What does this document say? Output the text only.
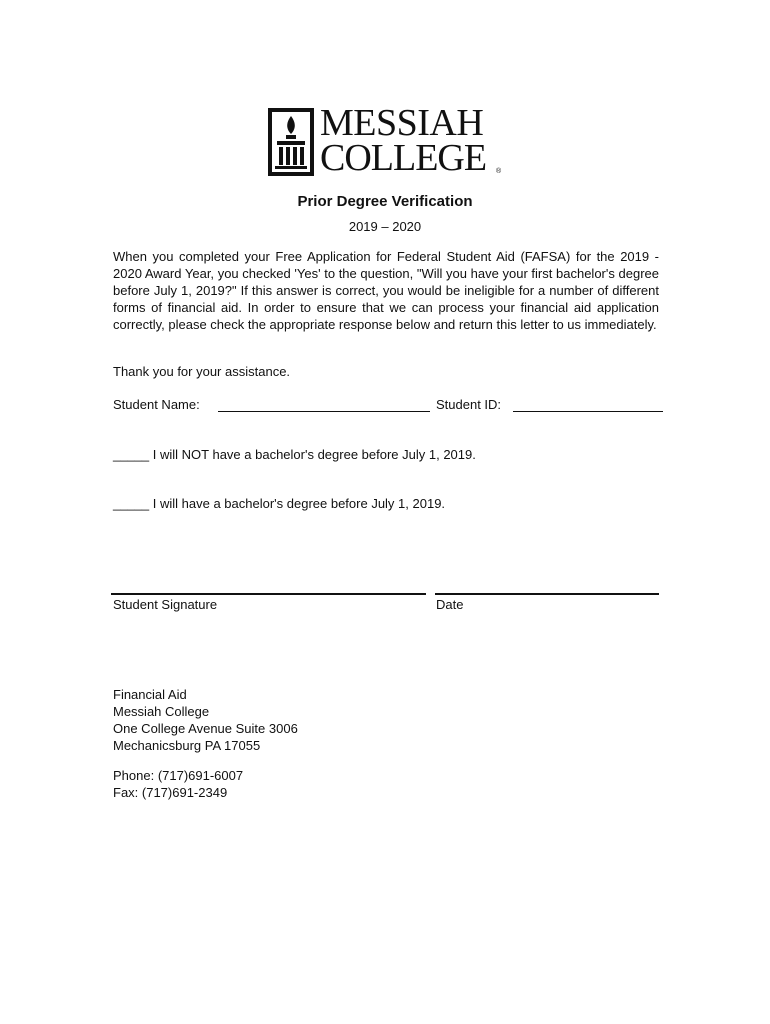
MESSIAH
COLLEGE ®
Prior Degree Verification
2019 – 2020
When you completed your Free Application for Federal Student Aid (FAFSA) for the 2019 - 2020 Award Year, you checked 'Yes' to the question, "Will you have your first bachelor's degree before July 1, 2019?" If this answer is correct, you would be ineligible for a number of different forms of financial aid. In order to ensure that we can process your financial aid application correctly, please check the appropriate response below and return this letter to us immediately.
Thank you for your assistance.
Student Name:	Student ID:
_____ I will NOT have a bachelor's degree before July 1, 2019.
_____ I will have a bachelor's degree before July 1, 2019.
Student Signature	Date
Financial Aid
Messiah College
One College Avenue Suite 3006
Mechanicsburg PA 17055
Phone: (717)691-6007
Fax: (717)691-2349
